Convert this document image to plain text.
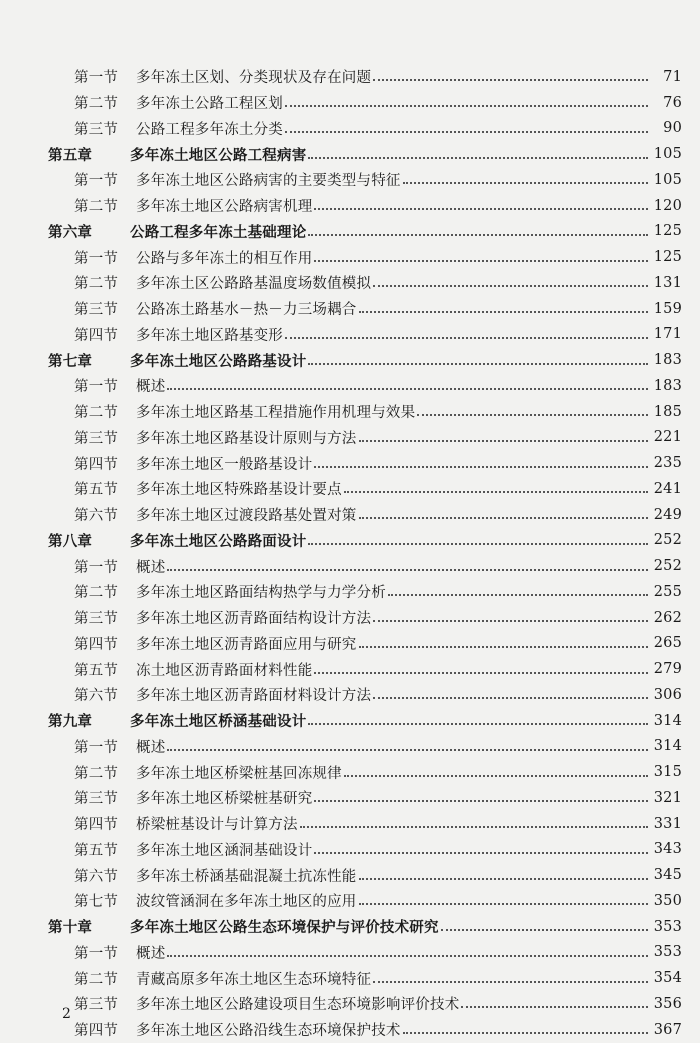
第一节	多年冻土区划、分类现状及存在问题	71
第二节	多年冻土公路工程区划	76
第三节	公路工程多年冻土分类	90
第五章	多年冻土地区公路工程病害	105
第一节	多年冻土地区公路病害的主要类型与特征	105
第二节	多年冻土地区公路病害机理	120
第六章	公路工程多年冻土基础理论	125
第一节	公路与多年冻土的相互作用	125
第二节	多年冻土区公路路基温度场数值模拟	131
第三节	公路冻土路基水－热－力三场耦合	159
第四节	多年冻土地区路基变形	171
第七章	多年冻土地区公路路基设计	183
第一节	概述	183
第二节	多年冻土地区路基工程措施作用机理与效果	185
第三节	多年冻土地区路基设计原则与方法	221
第四节	多年冻土地区一般路基设计	235
第五节	多年冻土地区特殊路基设计要点	241
第六节	多年冻土地区过渡段路基处置对策	249
第八章	多年冻土地区公路路面设计	252
第一节	概述	252
第二节	多年冻土地区路面结构热学与力学分析	255
第三节	多年冻土地区沥青路面结构设计方法	262
第四节	多年冻土地区沥青路面应用与研究	265
第五节	冻土地区沥青路面材料性能	279
第六节	多年冻土地区沥青路面材料设计方法	306
第九章	多年冻土地区桥涵基础设计	314
第一节	概述	314
第二节	多年冻土地区桥梁桩基回冻规律	315
第三节	多年冻土地区桥梁桩基研究	321
第四节	桥梁桩基设计与计算方法	331
第五节	多年冻土地区涵洞基础设计	343
第六节	多年冻土桥涵基础混凝土抗冻性能	345
第七节	波纹管涵洞在多年冻土地区的应用	350
第十章	多年冻土地区公路生态环境保护与评价技术研究	353
第一节	概述	353
第二节	青藏高原多年冻土地区生态环境特征	354
第三节	多年冻土地区公路建设项目生态环境影响评价技术	356
第四节	多年冻土地区公路沿线生态环境保护技术	367
2
